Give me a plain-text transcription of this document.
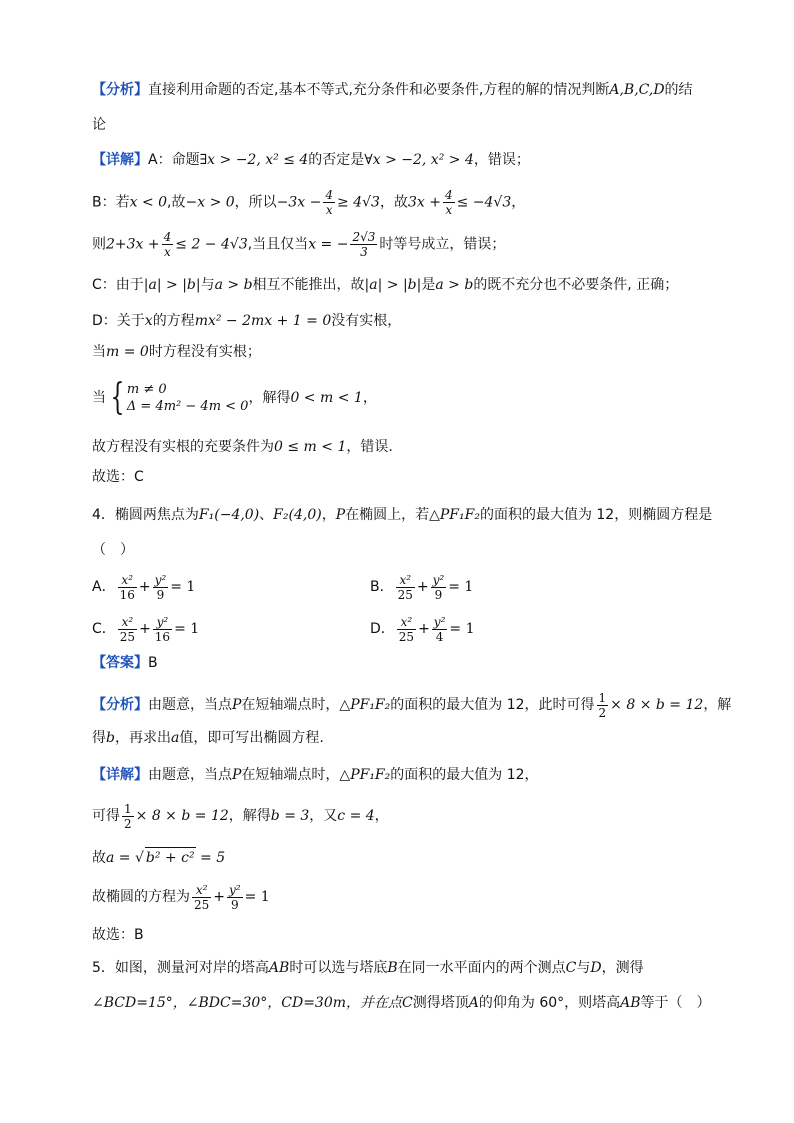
【分析】直接利用命题的否定,基本不等式,充分条件和必要条件,方程的解的情况判断A,B,C,D的结
论
【详解】A：命题∃x > −2, x² ≤ 4的否定是∀x > −2, x² > 4，错误；
B：若x < 0,故−x > 0，所以$-3x - \frac{4}{x} \ge 4√3$，故$3x + \frac{4}{x} \le -4√3$，
则$2+3x + \frac{4}{x} \le 2 - 4√3$,当且仅当x = − $\frac{2√3}{3}$ 时等号成立，错误；
C：由于|a| > |b|与a > b相互不能推出，故|a| > |b|是a > b的既不充分也不必要条件, 正确；
D：关于x的方程mx² − 2mx + 1 = 0没有实根，
当m = 0时方程没有实根；
当 { m ≠ 0
Δ = 4m² − 4m < 0
，解得0 < m < 1，
故方程没有实根的充要条件为0 ≤ m < 1，错误.
故选：C
4．椭圆两焦点为F₁(−4,0)、F₂(4,0)，P在椭圆上，若△PF₁F₂的面积的最大值为 12，则椭圆方程是
（　）
A． $\frac{\text{x²}}{16} + \frac{\text{y²}}{9} = 1$	B． $\frac{\text{x²}}{25} + \frac{\text{y²}}{9} = 1$
C． $\frac{\text{x²}}{25} + \frac{\text{y²}}{16} = 1$	D． $\frac{\text{x²}}{25} + \frac{\text{y²}}{4} = 1$
【答案】B
【分析】由题意，当点P在短轴端点时，△PF₁F₂的面积的最大值为 12，此时可得 $\frac{1}{2} \times 8 \times b = 12$，解
得b，再求出a值，即可写出椭圆方程.
【详解】由题意，当点P在短轴端点时，△PF₁F₂的面积的最大值为 12，
可得 $\frac{1}{2} \times 8 \times b = 12$，解得b = 3，又c = 4，
故a = √ b² + c² = 5
故椭圆的方程为 $\frac{\text{x²}}{25} + \frac{\text{y²}}{9} = 1$
故选：B
5．如图，测量河对岸的塔高AB时可以选与塔底B在同一水平面内的两个测点C与D，测得
∠BCD=15°，∠BDC=30°，CD=30m，并在点C测得塔顶A的仰角为 60°，则塔高AB等于（　）
